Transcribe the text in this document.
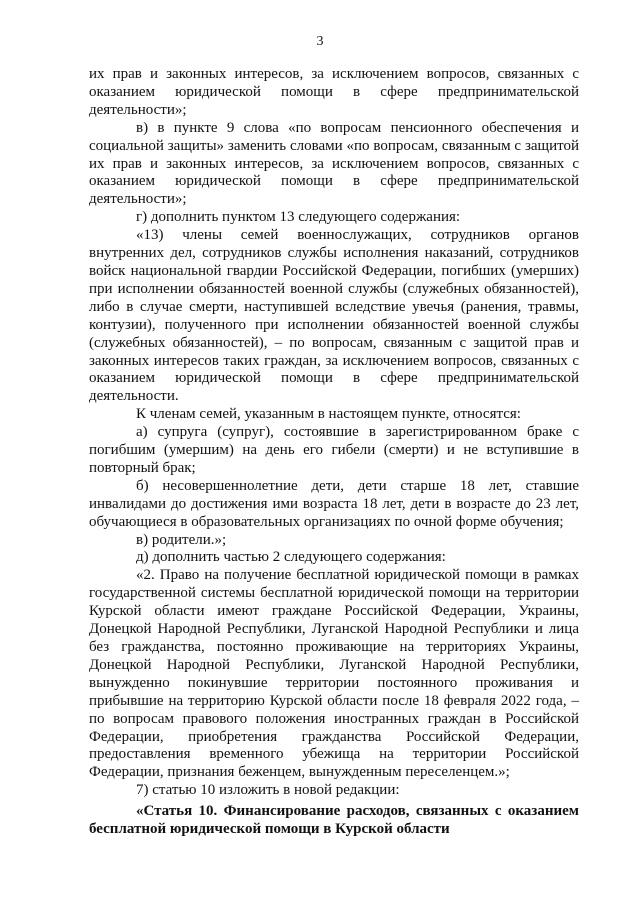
3

их прав и законных интересов, за исключением вопросов, связанных с оказанием юридической помощи в сфере предпринимательской деятельности»;

в) в пункте 9 слова «по вопросам пенсионного обеспечения и социальной защиты» заменить словами «по вопросам, связанным с защитой их прав и законных интересов, за исключением вопросов, связанных с оказанием юридической помощи в сфере предпринимательской деятельности»;

г) дополнить пунктом 13 следующего содержания:

«13) члены семей военнослужащих, сотрудников органов внутренних дел, сотрудников службы исполнения наказаний, сотрудников войск национальной гвардии Российской Федерации, погибших (умерших) при исполнении обязанностей военной службы (служебных обязанностей), либо в случае смерти, наступившей вследствие увечья (ранения, травмы, контузии), полученного при исполнении обязанностей военной службы (служебных обязанностей), – по вопросам, связанным с защитой прав и законных интересов таких граждан, за исключением вопросов, связанных с оказанием юридической помощи в сфере предпринимательской деятельности.

К членам семей, указанным в настоящем пункте, относятся:

а) супруга (супруг), состоявшие в зарегистрированном браке с погибшим (умершим) на день его гибели (смерти) и не вступившие в повторный брак;

б) несовершеннолетние дети, дети старше 18 лет, ставшие инвалидами до достижения ими возраста 18 лет, дети в возрасте до 23 лет, обучающиеся в образовательных организациях по очной форме обучения;

в) родители.»;

д) дополнить частью 2 следующего содержания:

«2. Право на получение бесплатной юридической помощи в рамках государственной системы бесплатной юридической помощи на территории Курской области имеют граждане Российской Федерации, Украины, Донецкой Народной Республики, Луганской Народной Республики и лица без гражданства, постоянно проживающие на территориях Украины, Донецкой Народной Республики, Луганской Народной Республики, вынужденно покинувшие территории постоянного проживания и прибывшие на территорию Курской области после 18 февраля 2022 года, – по вопросам правового положения иностранных граждан в Российской Федерации, приобретения гражданства Российской Федерации, предоставления временного убежища на территории Российской Федерации, признания беженцем, вынужденным переселенцем.»;

7) статью 10 изложить в новой редакции:

«Статья 10. Финансирование расходов, связанных с оказанием бесплатной юридической помощи в Курской области
